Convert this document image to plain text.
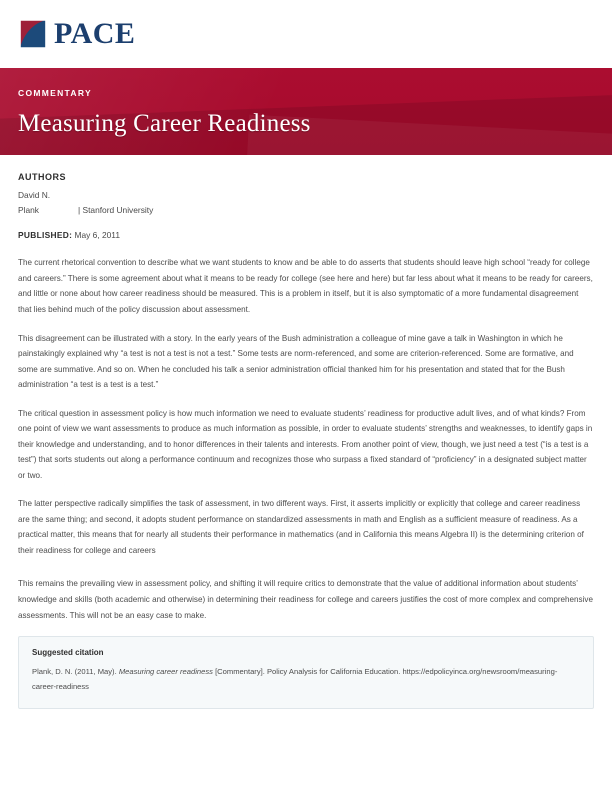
PACE
COMMENTARY
Measuring Career Readiness
AUTHORS
David N.
Plank	| Stanford University
PUBLISHED: May 6, 2011

The current rhetorical convention to describe what we want students to know and be able to do asserts that students should leave high school “ready for college and careers.” There is some agreement about what it means to be ready for college (see here and here) but far less about what it means to be ready for careers, and little or none about how career readiness should be measured. This is a problem in itself, but it is also symptomatic of a more fundamental disagreement that lies behind much of the policy discussion about assessment.

This disagreement can be illustrated with a story. In the early years of the Bush administration a colleague of mine gave a talk in Washington in which he painstakingly explained why “a test is not a test is not a test.” Some tests are norm-referenced, and some are criterion-referenced. Some are formative, and some are summative. And so on. When he concluded his talk a senior administration official thanked him for his presentation and stated that for the Bush administration “a test is a test is a test.”

The critical question in assessment policy is how much information we need to evaluate students’ readiness for productive adult lives, and of what kinds? From one point of view we want assessments to produce as much information as possible, in order to evaluate students’ strengths and weaknesses, to identify gaps in their knowledge and understanding, and to honor differences in their talents and interests. From another point of view, though, we just need a test (“is a test is a test”) that sorts students out along a performance continuum and recognizes those who surpass a fixed standard of “proficiency” in a designated subject matter or two.

The latter perspective radically simplifies the task of assessment, in two different ways. First, it asserts implicitly or explicitly that college and career readiness are the same thing; and second, it adopts student performance on standardized assessments in math and English as a sufficient measure of readiness. As a practical matter, this means that for nearly all students their performance in mathematics (and in California this means Algebra II) is the determining criterion of their readiness for college and careers

This remains the prevailing view in assessment policy, and shifting it will require critics to demonstrate that the value of additional information about students’ knowledge and skills (both academic and otherwise) in determining their readiness for college and careers justifies the cost of more complex and comprehensive assessments. This will not be an easy case to make.

Suggested citation
Plank, D. N. (2011, May). Measuring career readiness [Commentary]. Policy Analysis for California Education. https://edpolicyinca.org/newsroom/measuring-career-readiness
